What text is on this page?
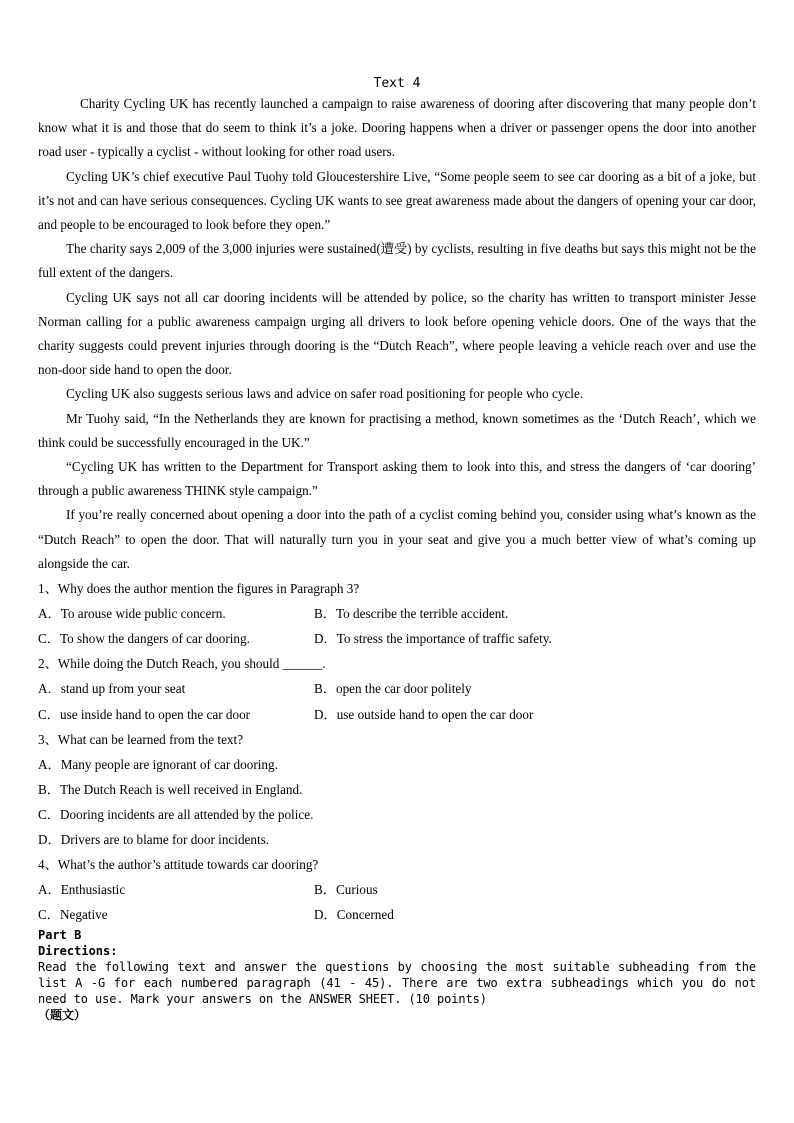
Text 4

Charity Cycling UK has recently launched a campaign to raise awareness of dooring after discovering that many people don’t know what it is and those that do seem to think it’s a joke. Dooring happens when a driver or passenger opens the door into another road user - typically a cyclist - without looking for other road users.

Cycling UK’s chief executive Paul Tuohy told Gloucestershire Live, “Some people seem to see car dooring as a bit of a joke, but it’s not and can have serious consequences. Cycling UK wants to see great awareness made about the dangers of opening your car door, and people to be encouraged to look before they open.”

The charity says 2,009 of the 3,000 injuries were sustained(遭受) by cyclists, resulting in five deaths but says this might not be the full extent of the dangers.

Cycling UK says not all car dooring incidents will be attended by police, so the charity has written to transport minister Jesse Norman calling for a public awareness campaign urging all drivers to look before opening vehicle doors. One of the ways that the charity suggests could prevent injuries through dooring is the “Dutch Reach”, where people leaving a vehicle reach over and use the non-door side hand to open the door.

Cycling UK also suggests serious laws and advice on safer road positioning for people who cycle.

Mr Tuohy said, “In the Netherlands they are known for practising a method, known sometimes as the ‘Dutch Reach’, which we think could be successfully encouraged in the UK.”

“Cycling UK has written to the Department for Transport asking them to look into this, and stress the dangers of ‘car dooring’ through a public awareness THINK style campaign.”

If you’re really concerned about opening a door into the path of a cyclist coming behind you, consider using what’s known as the “Dutch Reach” to open the door. That will naturally turn you in your seat and give you a much better view of what’s coming up alongside the car.

1、Why does the author mention the figures in Paragraph 3?

A．To arouse wide public concern.	B．To describe the terrible accident.

C．To show the dangers of car dooring.	D．To stress the importance of traffic safety.

2、While doing the Dutch Reach, you should ______.

A．stand up from your seat	B．open the car door politely

C．use inside hand to open the car door	D．use outside hand to open the car door

3、What can be learned from the text?

A．Many people are ignorant of car dooring.

B．The Dutch Reach is well received in England.

C．Dooring incidents are all attended by the police.

D．Drivers are to blame for door incidents.

4、What’s the author’s attitude towards car dooring?

A．Enthusiastic	B．Curious

C．Negative	D．Concerned

Part B

Directions:

Read the following text and answer the questions by choosing the most suitable subheading from the list A -G for each numbered paragraph (41 - 45). There are two extra subheadings which you do not need to use. Mark your answers on the ANSWER SHEET. (10 points)

（题文）
